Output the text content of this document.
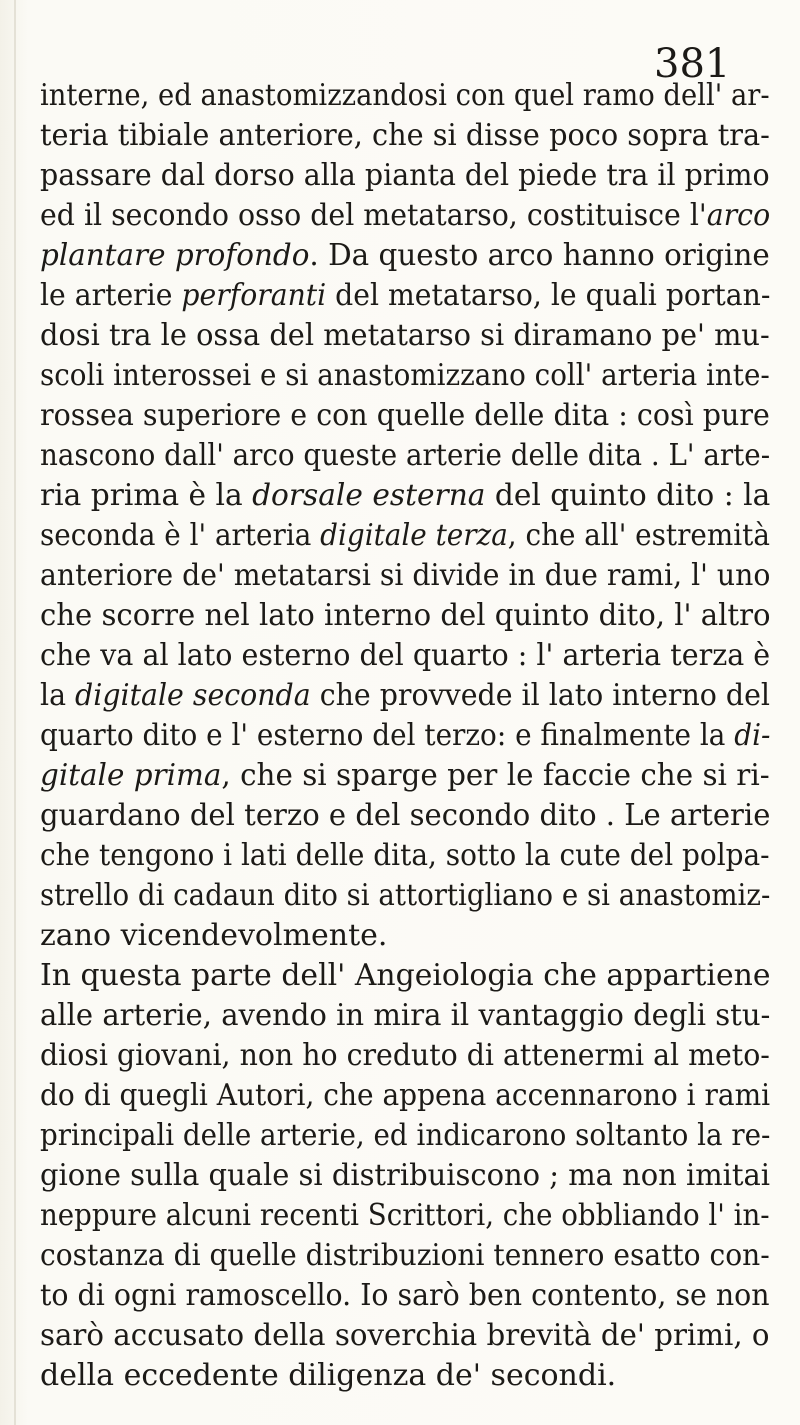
381
interne, ed anastomizzandosi con quel ramo dell' ar-
teria tibiale anteriore, che si disse poco sopra tra-
passare dal dorso alla pianta del piede tra il primo
ed il secondo osso del metatarso, costituisce l'arco
plantare profondo. Da questo arco hanno origine
le arterie perforanti del metatarso, le quali portan-
dosi tra le ossa del metatarso si diramano pe' mu-
scoli interossei e si anastomizzano coll' arteria inte-
rossea superiore e con quelle delle dita : così pure
nascono dall' arco queste arterie delle dita . L' arte-
ria prima è la dorsale esterna del quinto dito : la
seconda è l' arteria digitale terza, che all' estremità
anteriore de' metatarsi si divide in due rami, l' uno
che scorre nel lato interno del quinto dito, l' altro
che va al lato esterno del quarto : l' arteria terza è
la digitale seconda che provvede il lato interno del
quarto dito e l' esterno del terzo: e finalmente la di-
gitale prima, che si sparge per le faccie che si ri-
guardano del terzo e del secondo dito . Le arterie
che tengono i lati delle dita, sotto la cute del polpa-
strello di cadaun dito si attortigliano e si anastomiz-
zano vicendevolmente.
In questa parte dell' Angeiologia che appartiene
alle arterie, avendo in mira il vantaggio degli stu-
diosi giovani, non ho creduto di attenermi al meto-
do di quegli Autori, che appena accennarono i rami
principali delle arterie, ed indicarono soltanto la re-
gione sulla quale si distribuiscono ; ma non imitai
neppure alcuni recenti Scrittori, che obbliando l' in-
costanza di quelle distribuzioni tennero esatto con-
to di ogni ramoscello. Io sarò ben contento, se non
sarò accusato della soverchia brevità de' primi, o
della eccedente diligenza de' secondi.
